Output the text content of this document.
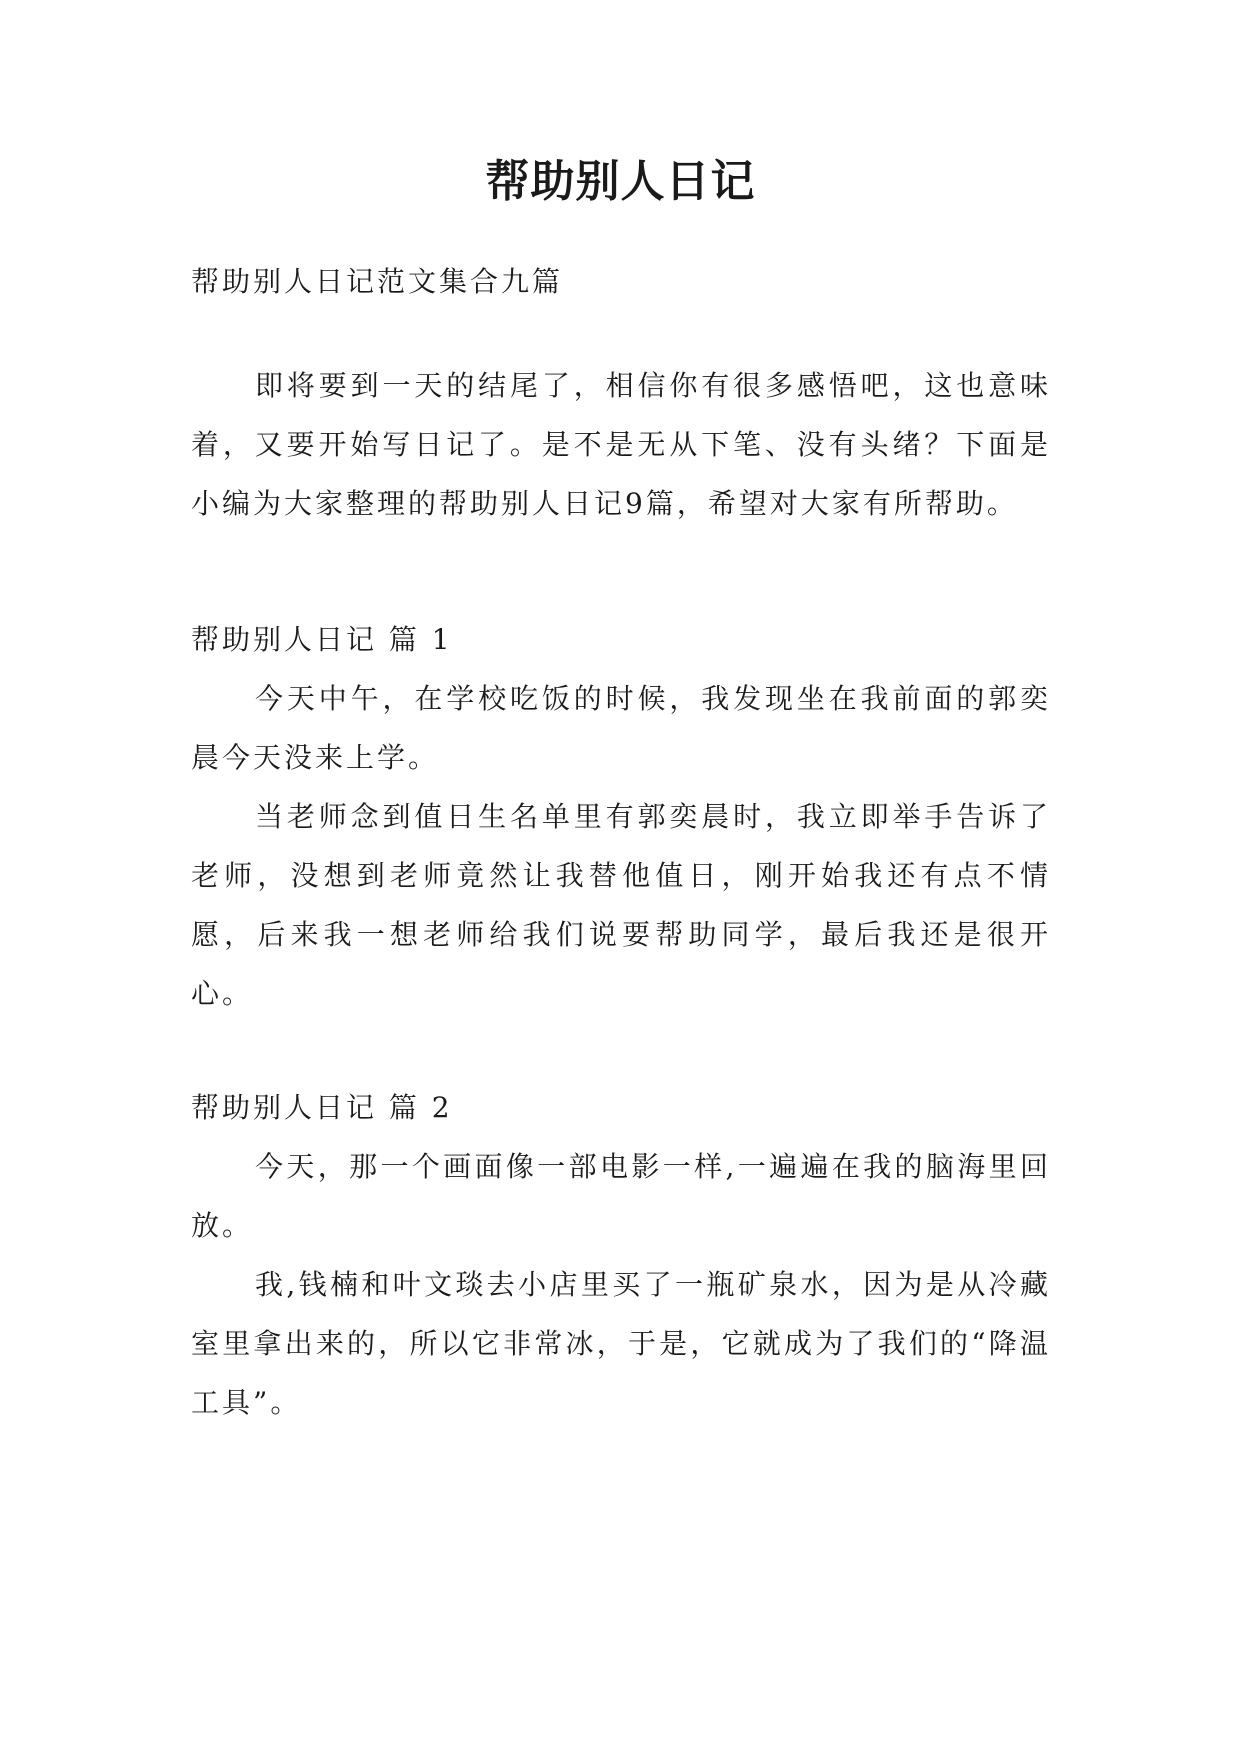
帮助别人日记

帮助别人日记范文集合九篇

即将要到一天的结尾了，相信你有很多感悟吧，这也意味着，又要开始写日记了。是不是无从下笔、没有头绪？下面是小编为大家整理的帮助别人日记9篇，希望对大家有所帮助。

帮助别人日记 篇 1

今天中午，在学校吃饭的时候，我发现坐在我前面的郭奕晨今天没来上学。

当老师念到值日生名单里有郭奕晨时，我立即举手告诉了老师，没想到老师竟然让我替他值日，刚开始我还有点不情愿，后来我一想老师给我们说要帮助同学，最后我还是很开心。

帮助别人日记 篇 2

今天，那一个画面像一部电影一样,一遍遍在我的脑海里回放。

我,钱楠和叶文琰去小店里买了一瓶矿泉水，因为是从冷藏室里拿出来的，所以它非常冰，于是，它就成为了我们的“降温工具”。
